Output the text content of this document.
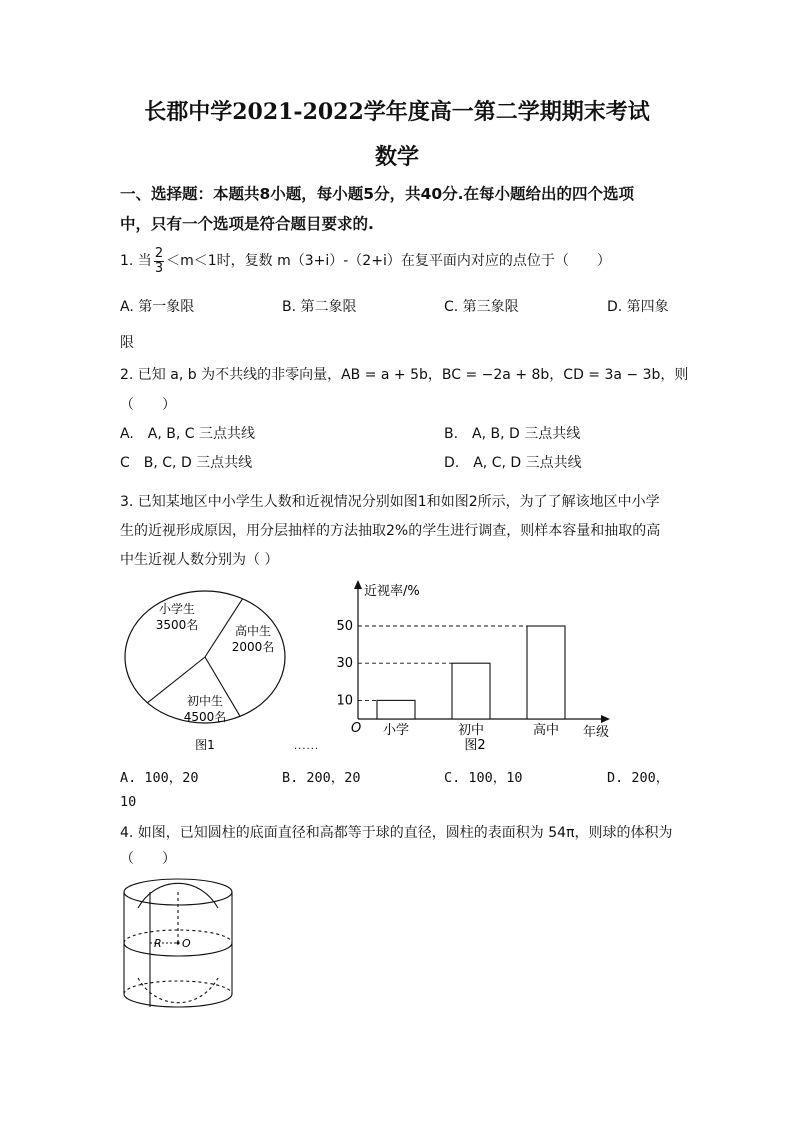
长郡中学2021-2022学年度高一第二学期期末考试
数学
一、选择题：本题共8小题，每小题5分，共40分.在每小题给出的四个选项
中，只有一个选项是符合题目要求的.
1. 当 $\frac{2}{3} <m<1$时，复数 m（3+i）-（2+i）在复平面内对应的点位于（　　）
A. 第一象限	B. 第二象限	C. 第三象限	D. 第四象
限
2. 已知 a, b 为不共线的非零向量，AB = a + 5b，BC = −2a + 8b，CD = 3a − 3b，则
（　　）
A.　A, B, C 三点共线	B.　A, B, D 三点共线
C　B, C, D 三点共线	D.　A, C, D 三点共线
3. 已知某地区中小学生人数和近视情况分别如图1和如图2所示，为了了解该地区中小学
生的近视形成原因，用分层抽样的方法抽取2%的学生进行调查，则样本容量和抽取的高
中生近视人数分别为（ ）
小学生
3500名	高中生
2000名
初中生
4500名
图1
10
小学
30
初中
50
高中
近视率/%
年级
O
图2
......
A. 100，20	B. 200，20	C. 100，10	D. 200，
10
4. 如图，已知圆柱的底面直径和高都等于球的直径，圆柱的表面积为 54π，则球的体积为
（　　）
R O
